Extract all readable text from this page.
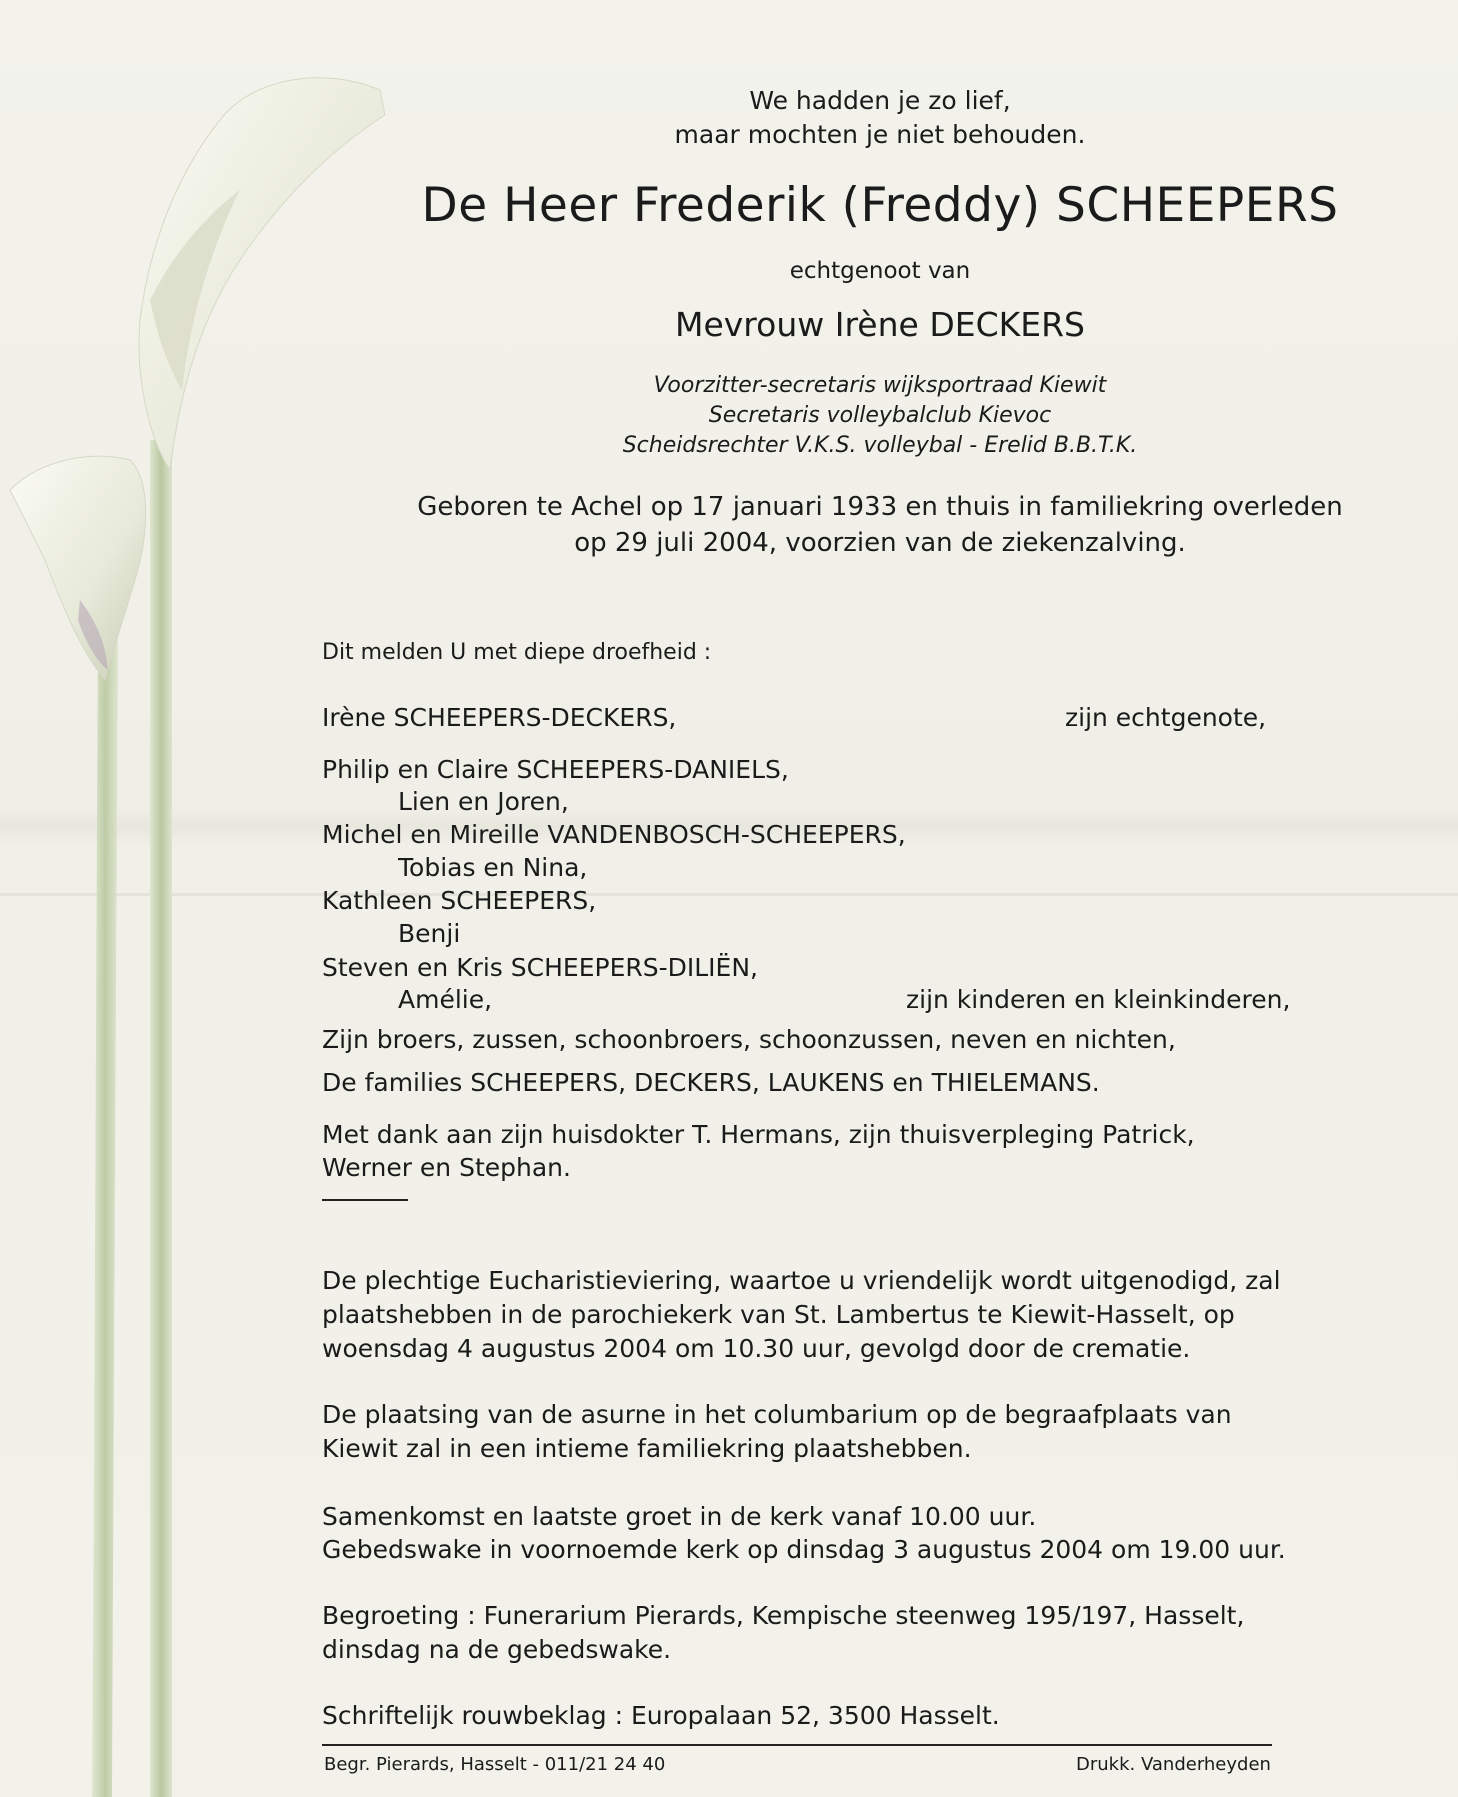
We hadden je zo lief,
maar mochten je niet behouden.
De Heer Frederik (Freddy) SCHEEPERS
echtgenoot van
Mevrouw Irène DECKERS
Voorzitter-secretaris wijksportraad Kiewit
Secretaris volleybalclub Kievoc
Scheidsrechter V.K.S. volleybal - Erelid B.B.T.K.
Geboren te Achel op 17 januari 1933 en thuis in familiekring overleden
op 29 juli 2004, voorzien van de ziekenzalving.
Dit melden U met diepe droefheid :
Irène SCHEEPERS-DECKERS,	zijn echtgenote,
Philip en Claire SCHEEPERS-DANIELS,
Lien en Joren,
Michel en Mireille VANDENBOSCH-SCHEEPERS,
Tobias en Nina,
Kathleen SCHEEPERS,
Benji
Steven en Kris SCHEEPERS-DILIËN,
Amélie,	zijn kinderen en kleinkinderen,
Zijn broers, zussen, schoonbroers, schoonzussen, neven en nichten,
De families SCHEEPERS, DECKERS, LAUKENS en THIELEMANS.
Met dank aan zijn huisdokter T. Hermans, zijn thuisverpleging Patrick,
Werner en Stephan.
De plechtige Eucharistieviering, waartoe u vriendelijk wordt uitgenodigd, zal
plaatshebben in de parochiekerk van St. Lambertus te Kiewit-Hasselt, op
woensdag 4 augustus 2004 om 10.30 uur, gevolgd door de crematie.
De plaatsing van de asurne in het columbarium op de begraafplaats van
Kiewit zal in een intieme familiekring plaatshebben.
Samenkomst en laatste groet in de kerk vanaf 10.00 uur.
Gebedswake in voornoemde kerk op dinsdag 3 augustus 2004 om 19.00 uur.
Begroeting : Funerarium Pierards, Kempische steenweg 195/197, Hasselt,
dinsdag na de gebedswake.
Schriftelijk rouwbeklag : Europalaan 52, 3500 Hasselt.
Begr. Pierards, Hasselt - 011/21 24 40	Drukk. Vanderheyden
